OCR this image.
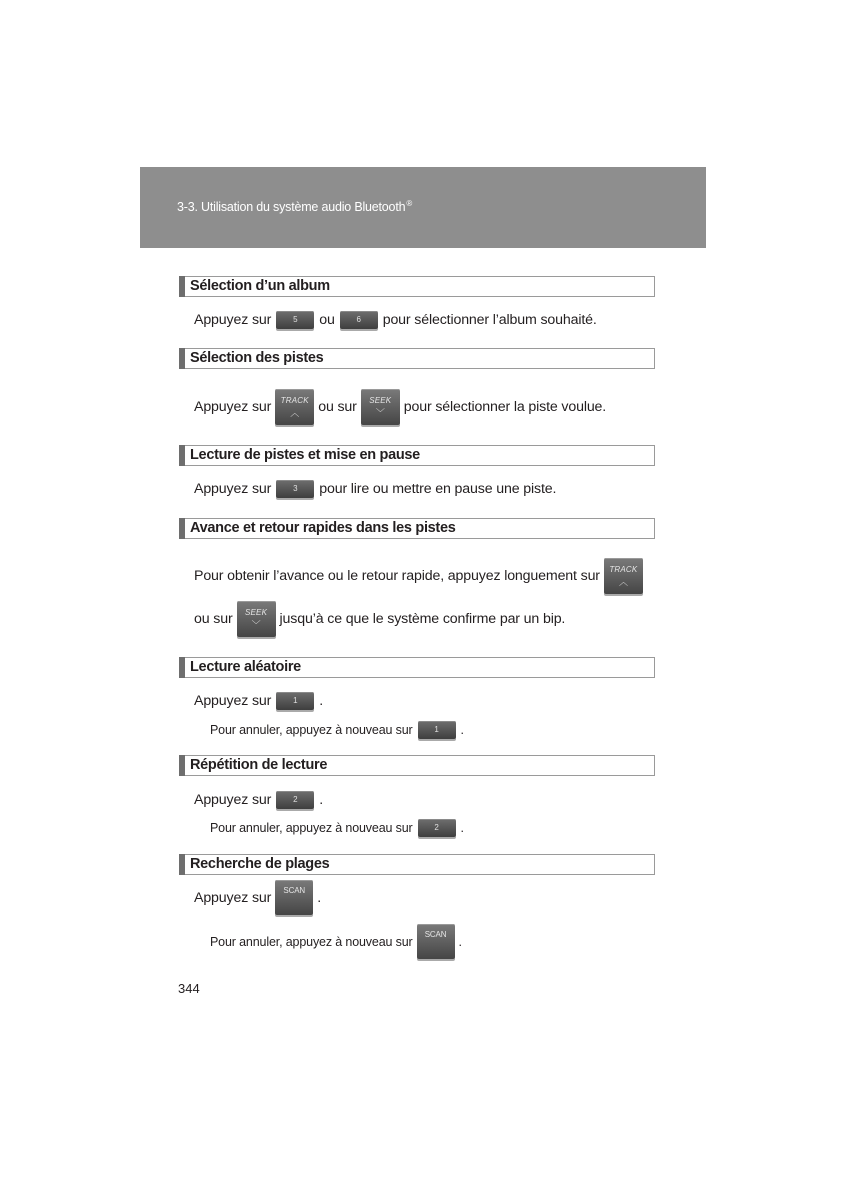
3-3. Utilisation du système audio Bluetooth®
Sélection d’un album
Appuyez sur	5	ou	6	pour sélectionner l’album souhaité.
Sélection des pistes
Appuyez sur	TRACK
︿	ou sur	SEEK
﹀	pour sélectionner la piste voulue.
Lecture de pistes et mise en pause
Appuyez sur	3	pour lire ou mettre en pause une piste.
Avance et retour rapides dans les pistes
Pour obtenir l’avance ou le retour rapide, appuyez longuement sur	TRACK
︿
ou sur	SEEK
﹀	jusqu’à ce que le système confirme par un bip.
Lecture aléatoire
Appuyez sur	1	.
Pour annuler, appuyez à nouveau sur	1	.
Répétition de lecture
Appuyez sur	2	.
Pour annuler, appuyez à nouveau sur	2	.
Recherche de plages
Appuyez sur	SCAN .
Pour annuler, appuyez à nouveau sur	SCAN .
344
